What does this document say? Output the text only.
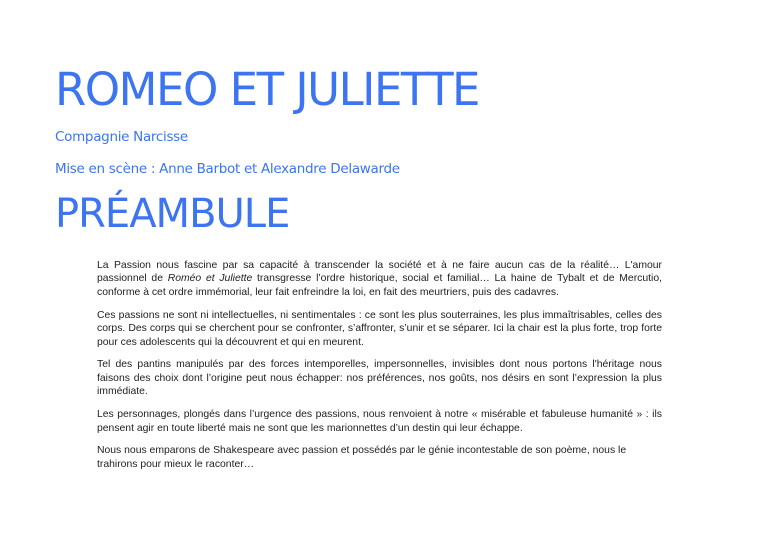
ROMEO ET JULIETTE
Compagnie Narcisse
Mise en scène : Anne Barbot et Alexandre Delawarde
PRÉAMBULE

La Passion nous fascine par sa capacité à transcender la société et à ne faire aucun cas de la réalité… L'amour passionnel de Roméo et Juliette transgresse l’ordre historique, social et familial… La haine de Tybalt et de Mercutio, conforme à cet ordre immémorial, leur fait enfreindre la loi, en fait des meurtriers, puis des cadavres.

Ces passions ne sont ni intellectuelles, ni sentimentales : ce sont les plus souterraines, les plus immaîtrisables, celles des corps. Des corps qui se cherchent pour se confronter, s’affronter, s’unir et se séparer. Ici la chair est la plus forte, trop forte pour ces adolescents qui la découvrent et qui en meurent.

Tel des pantins manipulés par des forces intemporelles, impersonnelles, invisibles dont nous portons l'héritage nous faisons des choix dont l’origine peut nous échapper: nos préférences, nos goûts, nos désirs en sont l’expression la plus immédiate.

Les personnages, plongés dans l’urgence des passions, nous renvoient à notre « misérable et fabuleuse humanité » : ils pensent agir en toute liberté mais ne sont que les marionnettes d’un destin qui leur échappe.

Nous nous emparons de Shakespeare avec passion et possédés par le génie incontestable de son poème, nous le trahirons pour mieux le raconter…
